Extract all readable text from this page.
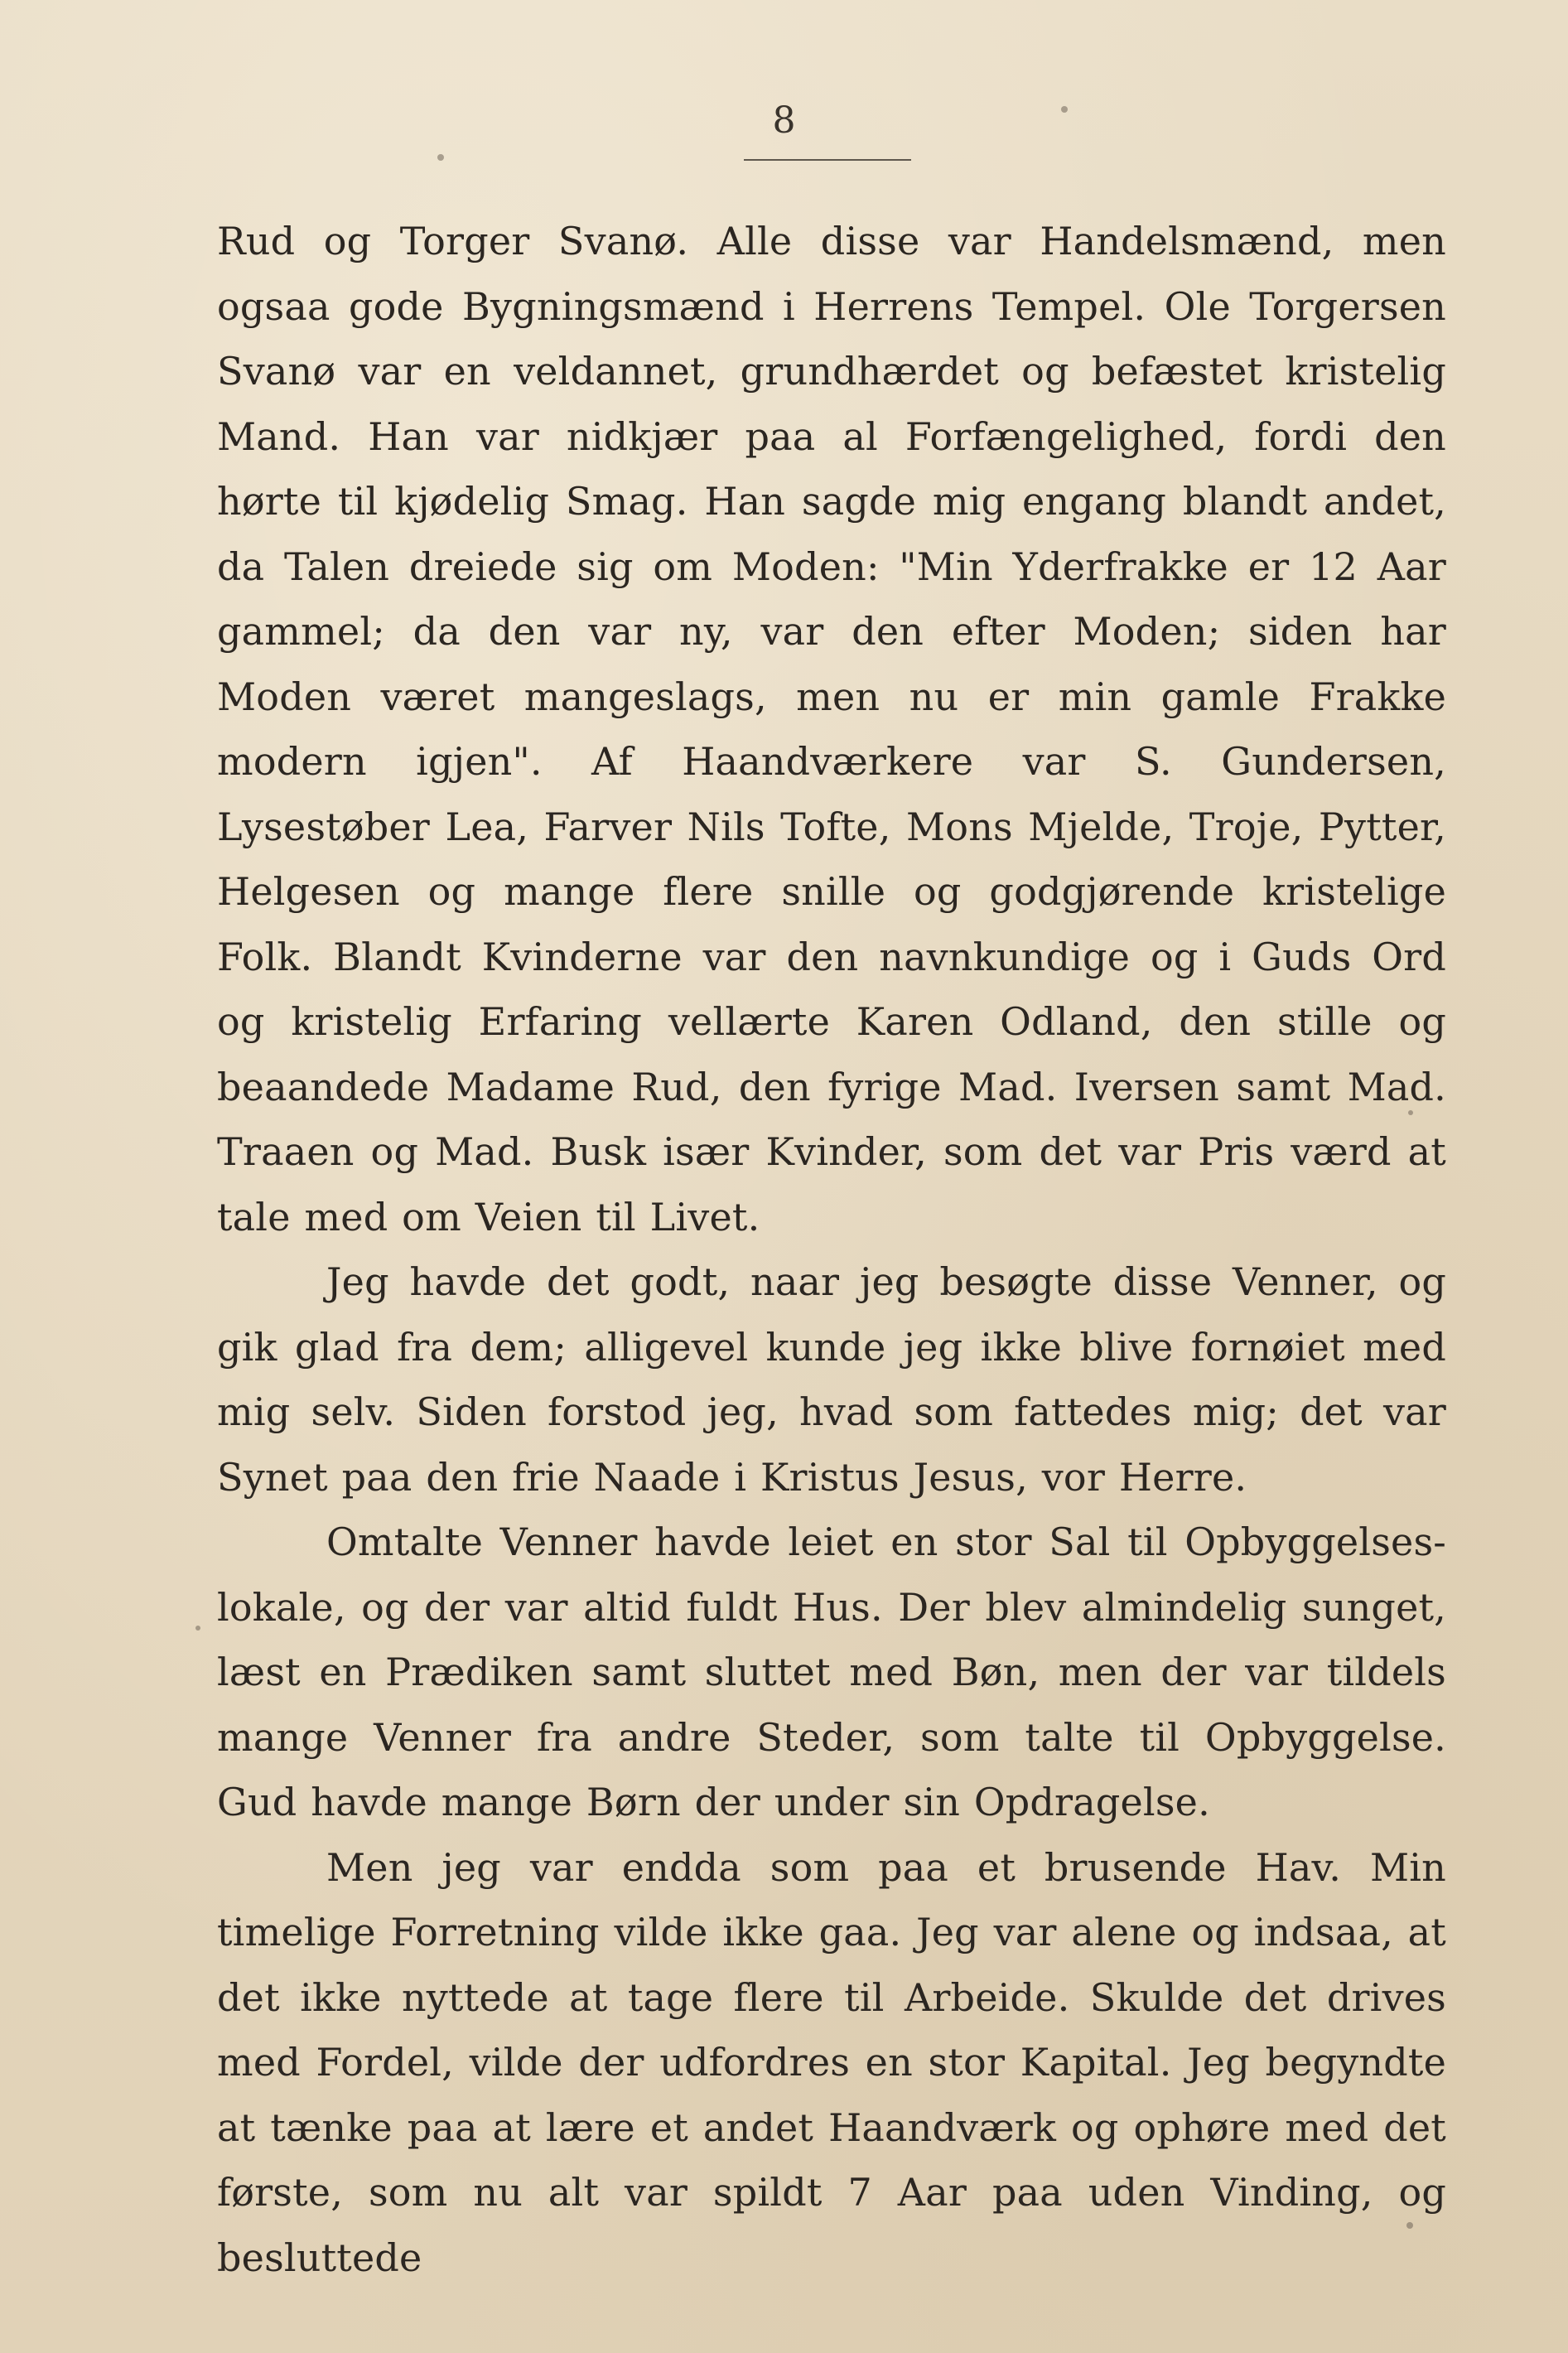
8

Rud og Torger Svanø. Alle disse var Handelsmænd, men ogsaa gode Bygningsmænd i Herrens Tempel. Ole Torgersen Svanø var en veldannet, grundhærdet og befæstet kristelig Mand. Han var nidkjær paa al Forfængelighed, fordi den hørte til kjødelig Smag. Han sagde mig engang blandt andet, da Talen dreiede sig om Moden: "Min Yderfrakke er 12 Aar gammel; da den var ny, var den efter Moden; siden har Moden været mangeslags, men nu er min gamle Frakke modern igjen". Af Haandværkere var S. Gundersen, Lysestøber Lea, Farver Nils Tofte, Mons Mjelde, Troje, Pytter, Helgesen og mange flere snille og godgjørende kristelige Folk. Blandt Kvinderne var den navnkundige og i Guds Ord og kristelig Erfaring vellærte Karen Odland, den stille og beaandede Madame Rud, den fyrige Mad. Iversen samt Mad. Traaen og Mad. Busk især Kvinder, som det var Pris værd at tale med om Veien til Livet.

Jeg havde det godt, naar jeg besøgte disse Venner, og gik glad fra dem; alligevel kunde jeg ikke blive fornøiet med mig selv. Siden forstod jeg, hvad som fattedes mig; det var Synet paa den frie Naade i Kristus Jesus, vor Herre.

Omtalte Venner havde leiet en stor Sal til Opbyggelses-lokale, og der var altid fuldt Hus. Der blev almindelig sunget, læst en Prædiken samt sluttet med Bøn, men der var tildels mange Venner fra andre Steder, som talte til Opbyggelse. Gud havde mange Børn der under sin Opdragelse.

Men jeg var endda som paa et brusende Hav. Min timelige Forretning vilde ikke gaa. Jeg var alene og indsaa, at det ikke nyttede at tage flere til Arbeide. Skulde det drives med Fordel, vilde der udfordres en stor Kapital. Jeg begyndte at tænke paa at lære et andet Haandværk og ophøre med det første, som nu alt var spildt 7 Aar paa uden Vinding, og besluttede
